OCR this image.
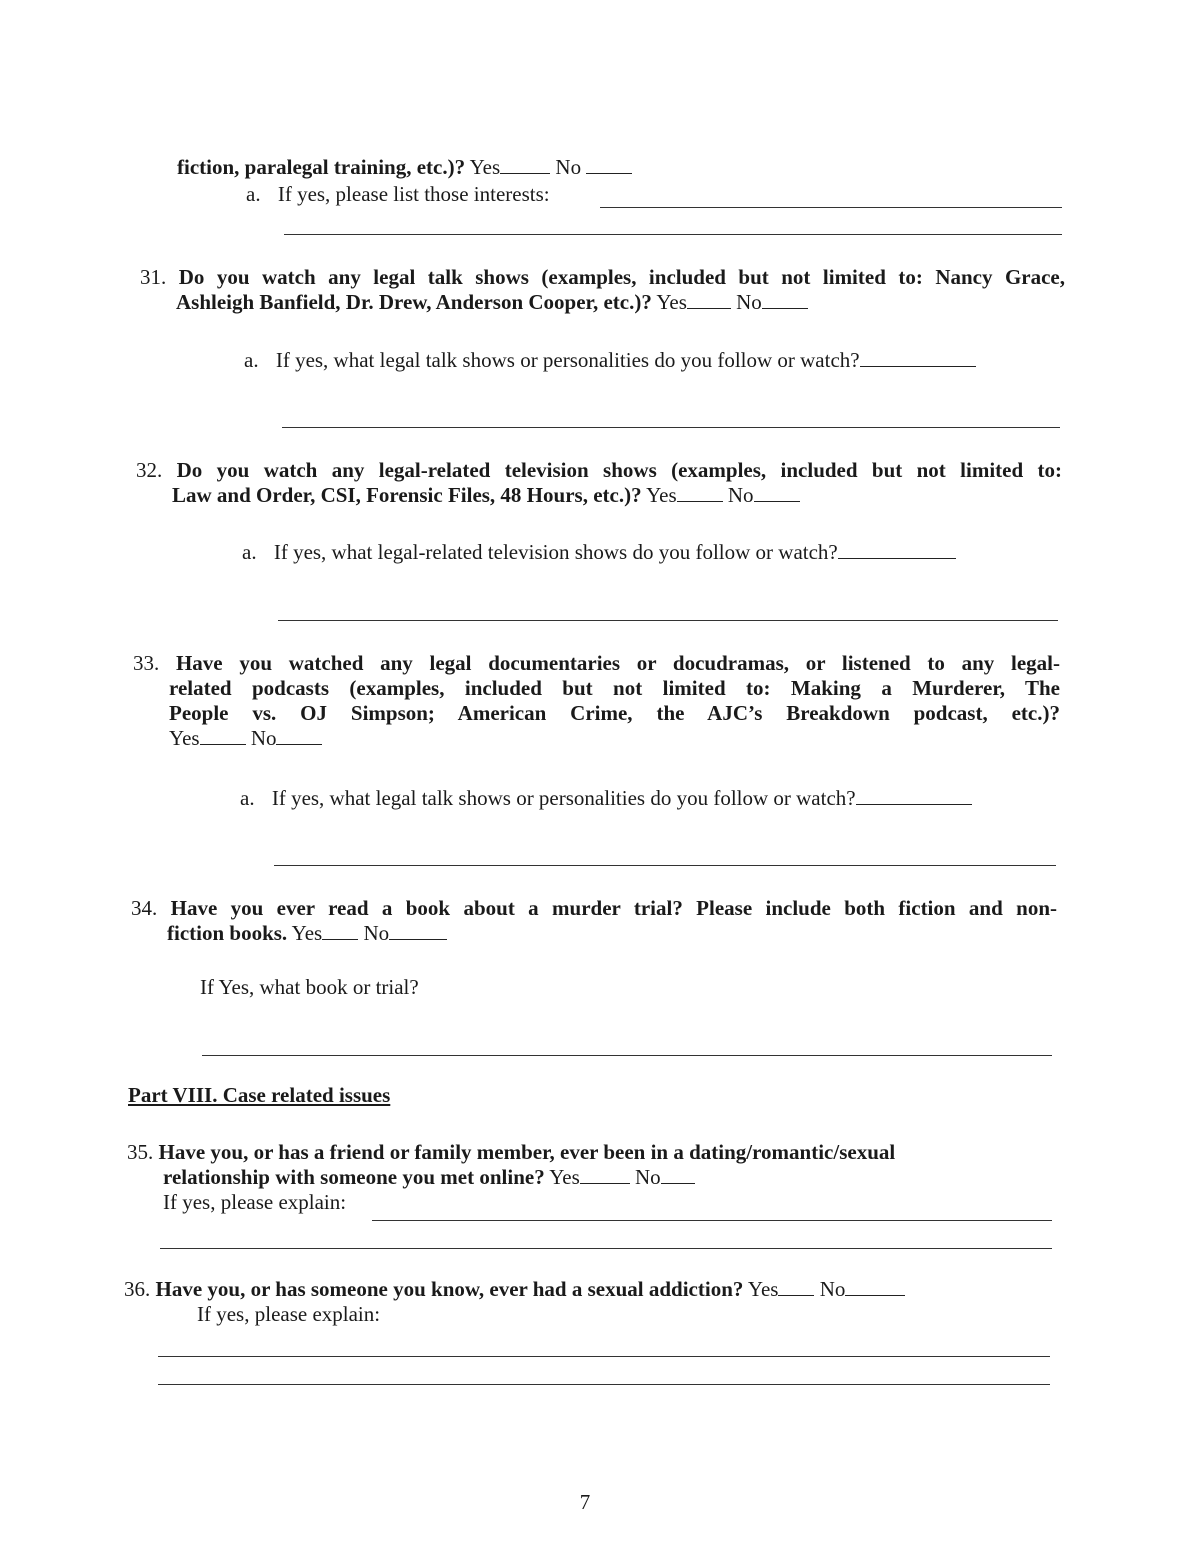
fiction, paralegal training, etc.)? Yes	No
a. If yes, please list those interests:
31. Do you watch any legal talk shows (examples, included but not limited to: Nancy Grace,
Ashleigh Banfield, Dr. Drew, Anderson Cooper, etc.)? Yes No
a. If yes, what legal talk shows or personalities do you follow or watch?
32. Do you watch any legal-related television shows (examples, included but not limited to:
Law and Order, CSI, Forensic Files, 48 Hours, etc.)? Yes No
a. If yes, what legal-related television shows do you follow or watch?
33. Have you watched any legal documentaries or docudramas, or listened to any legal-
related podcasts (examples, included but not limited to: Making a Murderer, The
People vs. OJ Simpson; American Crime, the AJC’s Breakdown podcast, etc.)?
Yes No
a. If yes, what legal talk shows or personalities do you follow or watch?
34. Have you ever read a book about a murder trial? Please include both fiction and non-
fiction books. Yes No
If Yes, what book or trial?
Part VIII. Case related issues
35. Have you, or has a friend or family member, ever been in a dating/romantic/sexual
relationship with someone you met online? Yes	No
If yes, please explain:
36. Have you, or has someone you know, ever had a sexual addiction? Yes No
If yes, please explain:
7
